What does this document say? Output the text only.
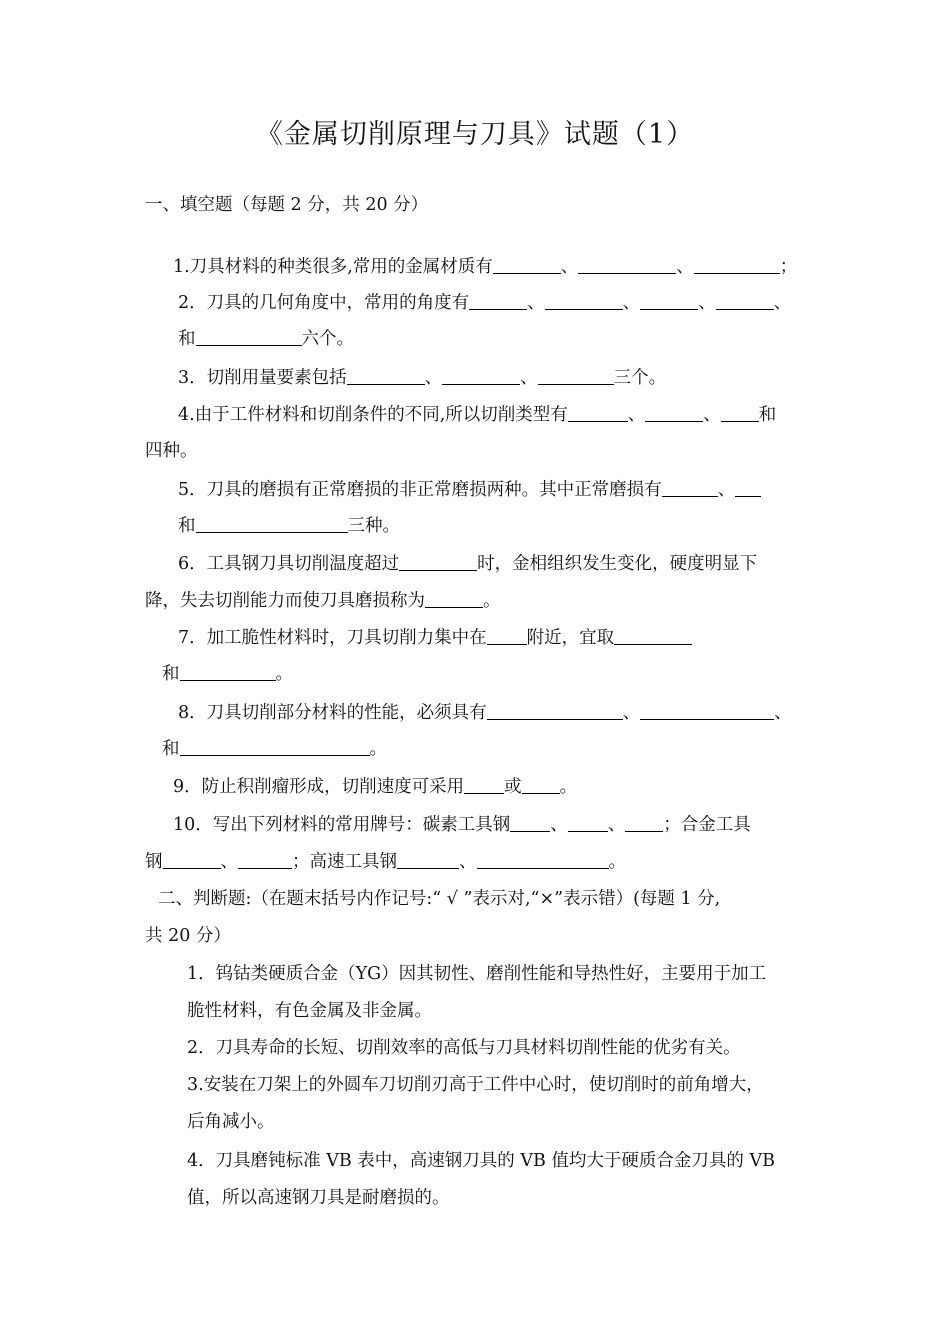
《金属切削原理与刀具》试题（1）
一、填空题（每题 2 分，共 20 分）
1.刀具材料的种类很多,常用的金属材质有	、	、	；
2．刀具的几何角度中，常用的角度有	、	、	、	、
和	六个。
3．切削用量要素包括	、	、	三个。
4.由于工件材料和切削条件的不同,所以切削类型有	、	、 和
四种。
5．刀具的磨损有正常磨损的非正常磨损两种。其中正常磨损有	、
和	三种。
6．工具钢刀具切削温度超过	时，金相组织发生变化，硬度明显下
降，失去切削能力而使刀具磨损称为	。
7．加工脆性材料时，刀具切削力集中在 附近，宜取
和	。
8．刀具切削部分材料的性能，必须具有	、	、
和	。
9．防止积削瘤形成，切削速度可采用 或 。
10．写出下列材料的常用牌号：碳素工具钢 、 、 ；合金工具
钢	、	；高速工具钢	、	。
二、判断题:（在题末括号内作记号:“ √ ”表示对,“×”表示错）(每题 1 分,
共 20 分）
1．钨钴类硬质合金（YG）因其韧性、磨削性能和导热性好，主要用于加工
脆性材料，有色金属及非金属。
2．刀具寿命的长短、切削效率的高低与刀具材料切削性能的优劣有关。
3.安装在刀架上的外圆车刀切削刃高于工件中心时，使切削时的前角增大，
后角减小。
4．刀具磨钝标准 VB 表中，高速钢刀具的 VB 值均大于硬质合金刀具的 VB
值，所以高速钢刀具是耐磨损的。
